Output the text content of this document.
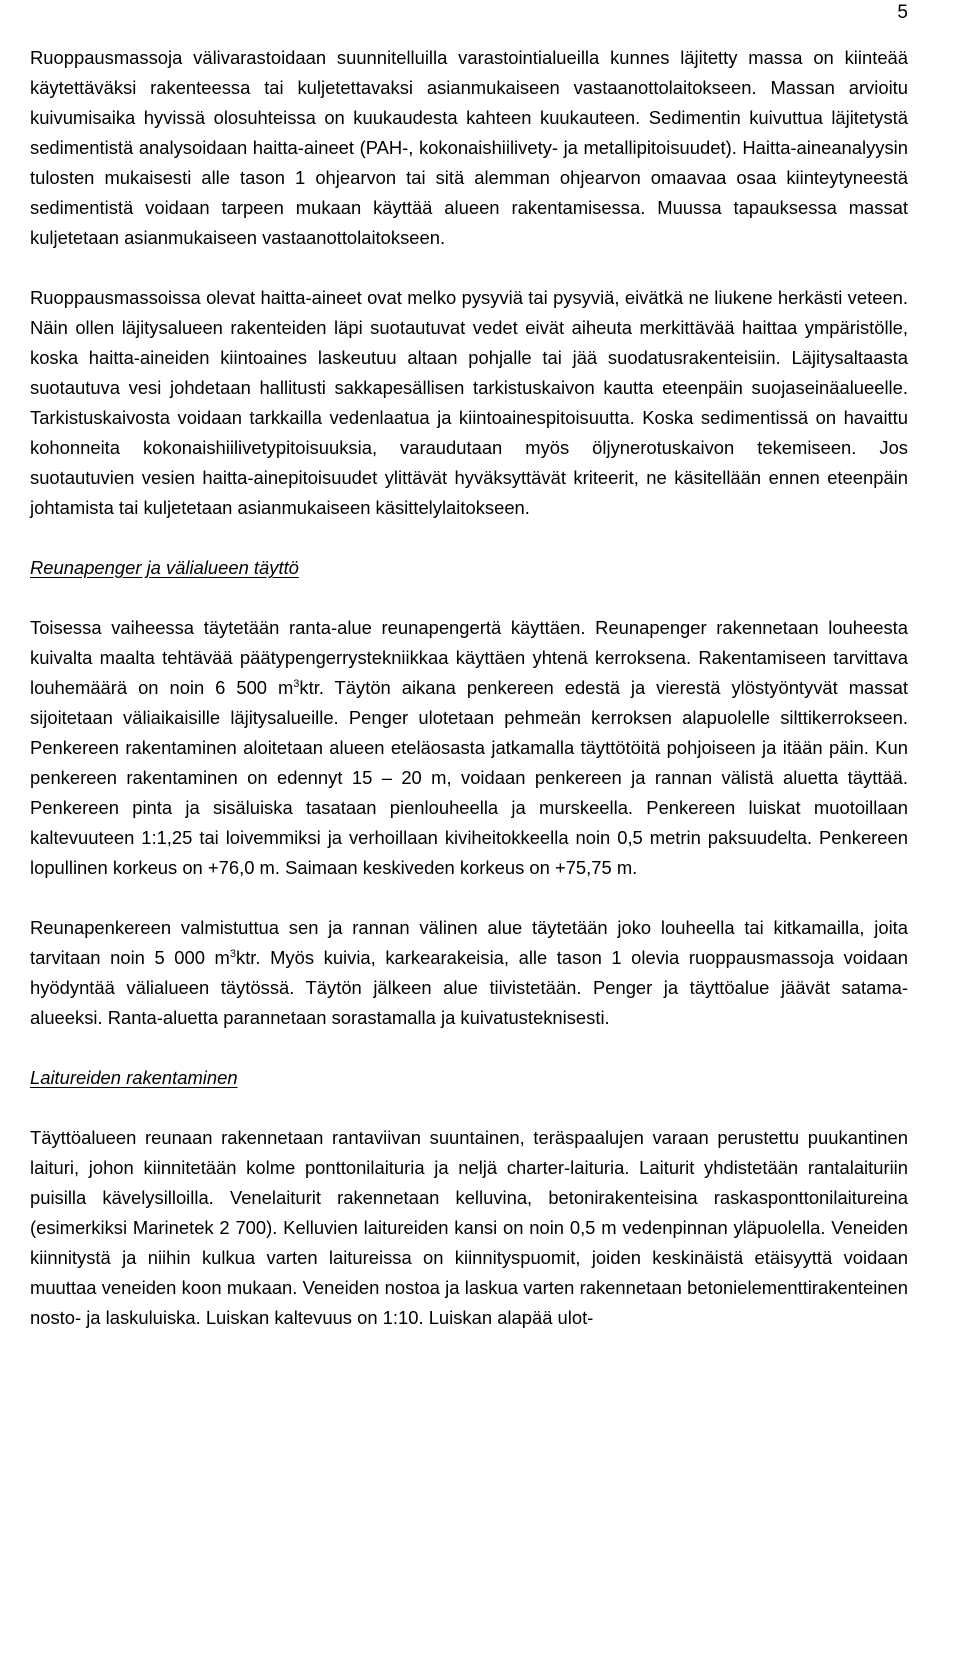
5

Ruoppausmassoja välivarastoidaan suunnitelluilla varastointialueilla kunnes läjitetty massa on kiinteää käytettäväksi rakenteessa tai kuljetettavaksi asianmukaiseen vastaanottolaitokseen. Massan arvioitu kuivumisaika hyvissä olosuhteissa on kuukaudesta kahteen kuukauteen. Sedimentin kuivuttua läjitetystä sedimentistä analysoidaan haitta-aineet (PAH-, kokonaishiilivety- ja metallipitoisuudet). Haitta-aineanalyysin tulosten mukaisesti alle tason 1 ohjearvon tai sitä alemman ohjearvon omaavaa osaa kiinteytyneestä sedimentistä voidaan tarpeen mukaan käyttää alueen rakentamisessa. Muussa tapauksessa massat kuljetetaan asianmukaiseen vastaanottolaitokseen.

Ruoppausmassoissa olevat haitta-aineet ovat melko pysyviä tai pysyviä, eivätkä ne liukene herkästi veteen. Näin ollen läjitysalueen rakenteiden läpi suotautuvat vedet eivät aiheuta merkittävää haittaa ympäristölle, koska haitta-aineiden kiintoaines laskeutuu altaan pohjalle tai jää suodatusrakenteisiin. Läjitysaltaasta suotautuva vesi johdetaan hallitusti sakkapesällisen tarkistuskaivon kautta eteenpäin suojaseinäalueelle. Tarkistuskaivosta voidaan tarkkailla vedenlaatua ja kiintoainespitoisuutta. Koska sedimentissä on havaittu kohonneita kokonaishiilivetypitoisuuksia, varaudutaan myös öljynerotuskaivon tekemiseen. Jos suotautuvien vesien haitta-ainepitoisuudet ylittävät hyväksyttävät kriteerit, ne käsitellään ennen eteenpäin johtamista tai kuljetetaan asianmukaiseen käsittelylaitokseen.

Reunapenger ja välialueen täyttö

Toisessa vaiheessa täytetään ranta-alue reunapengertä käyttäen. Reunapenger rakennetaan louheesta kuivalta maalta tehtävää päätypengerrystekniikkaa käyttäen yhtenä kerroksena. Rakentamiseen tarvittava louhemäärä on noin 6 500 $m^3ktr$. Täytön aikana penkereen edestä ja vierestä ylöstyöntyvät massat sijoitetaan väliaikaisille läjitysalueille. Penger ulotetaan pehmeän kerroksen alapuolelle silttikerrokseen. Penkereen rakentaminen aloitetaan alueen eteläosasta jatkamalla täyttötöitä pohjoiseen ja itään päin. Kun penkereen rakentaminen on edennyt 15 – 20 m, voidaan penkereen ja rannan välistä aluetta täyttää. Penkereen pinta ja sisäluiska tasataan pienlouheella ja murskeella. Penkereen luiskat muotoillaan kaltevuuteen 1:1,25 tai loivemmiksi ja verhoillaan kiviheitokkeella noin 0,5 metrin paksuudelta. Penkereen lopullinen korkeus on +76,0 m. Saimaan keskiveden korkeus on +75,75 m.

Reunapenkereen valmistuttua sen ja rannan välinen alue täytetään joko louheella tai kitkamailla, joita tarvitaan noin 5 000 $m^3ktr$. Myös kuivia, karkearakeisia, alle tason 1 olevia ruoppausmassoja voidaan hyödyntää välialueen täytössä. Täytön jälkeen alue tiivistetään. Penger ja täyttöalue jäävät satama-alueeksi. Ranta-aluetta parannetaan sorastamalla ja kuivatusteknisesti.

Laitureiden rakentaminen

Täyttöalueen reunaan rakennetaan rantaviivan suuntainen, teräspaalujen varaan perustettu puukantinen laituri, johon kiinnitetään kolme ponttonilaituria ja neljä charter-laituria. Laiturit yhdistetään rantalaituriin puisilla kävelysilloilla. Venelaiturit rakennetaan kelluvina, betonirakenteisina raskasponttonilaitureina (esimerkiksi Marinetek 2 700). Kelluvien laitureiden kansi on noin 0,5 m vedenpinnan yläpuolella. Veneiden kiinnitystä ja niihin kulkua varten laitureissa on kiinnityspuomit, joiden keskinäistä etäisyyttä voidaan muuttaa veneiden koon mukaan. Veneiden nostoa ja laskua varten rakennetaan betonielementtirakenteinen nosto- ja laskuluiska. Luiskan kaltevuus on 1:10. Luiskan alapää ulot-
